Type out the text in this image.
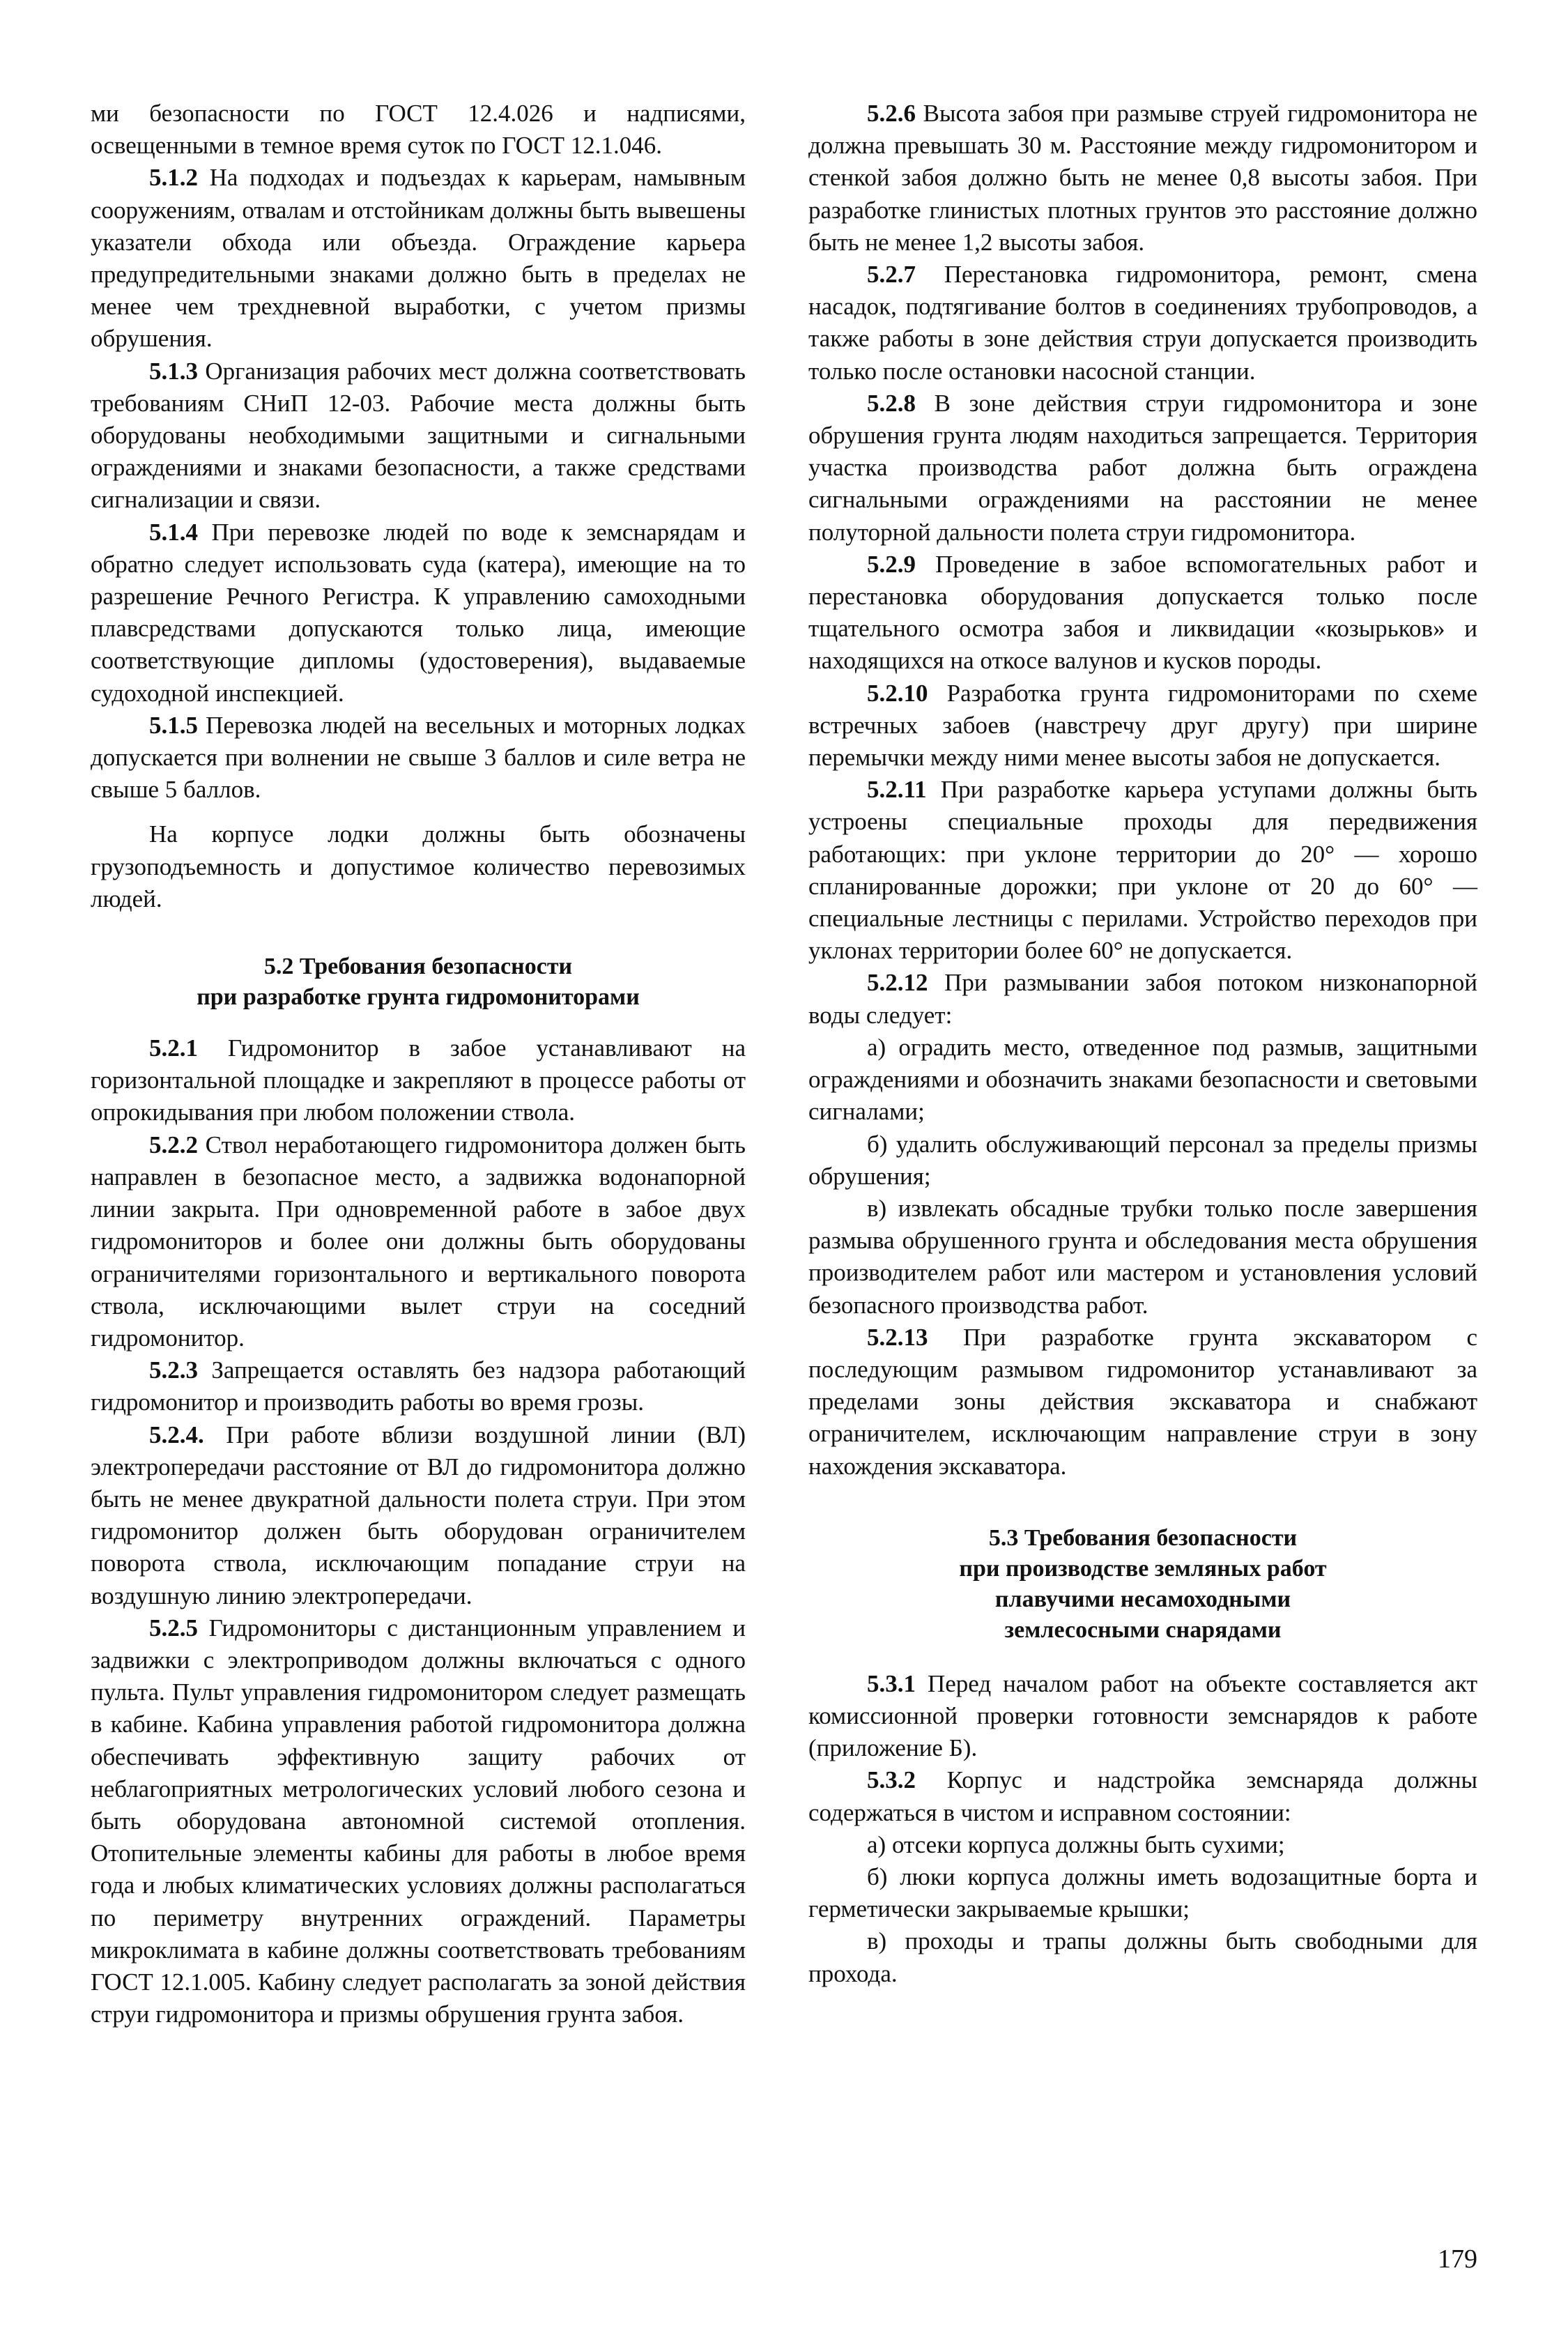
ми безопасности по ГОСТ 12.4.026 и надписями, освещенными в темное время суток по ГОСТ 12.1.046.

5.1.2 На подходах и подъездах к карьерам, намывным сооружениям, отвалам и отстойникам должны быть вывешены указатели обхода или объезда. Ограждение карьера предупредительными знаками должно быть в пределах не менее чем трехдневной выработки, с учетом призмы обрушения.

5.1.3 Организация рабочих мест должна соответствовать требованиям СНиП 12-03. Рабочие места должны быть оборудованы необходимыми защитными и сигнальными ограждениями и знаками безопасности, а также средствами сигнализации и связи.

5.1.4 При перевозке людей по воде к земснарядам и обратно следует использовать суда (катера), имеющие на то разрешение Речного Регистра. К управлению самоходными плавсредствами допускаются только лица, имеющие соответствующие дипломы (удостоверения), выдаваемые судоходной инспекцией.

5.1.5 Перевозка людей на весельных и моторных лодках допускается при волнении не свыше 3 баллов и силе ветра не свыше 5 баллов.

На корпусе лодки должны быть обозначены грузоподъемность и допустимое количество перевозимых людей.

5.2 Требования безопасности
при разработке грунта гидромониторами

5.2.1 Гидромонитор в забое устанавливают на горизонтальной площадке и закрепляют в процессе работы от опрокидывания при любом положении ствола.

5.2.2 Ствол неработающего гидромонитора должен быть направлен в безопасное место, а задвижка водонапорной линии закрыта. При одновременной работе в забое двух гидромониторов и более они должны быть оборудованы ограничителями горизонтального и вертикального поворота ствола, исключающими вылет струи на соседний гидромонитор.

5.2.3 Запрещается оставлять без надзора работающий гидромонитор и производить работы во время грозы.

5.2.4. При работе вблизи воздушной линии (ВЛ) электропередачи расстояние от ВЛ до гидромонитора должно быть не менее двукратной дальности полета струи. При этом гидромонитор должен быть оборудован ограничителем поворота ствола, исключающим попадание струи на воздушную линию электропередачи.

5.2.5 Гидромониторы с дистанционным управлением и задвижки с электроприводом должны включаться с одного пульта. Пульт управления гидромонитором следует размещать в кабине. Кабина управления работой гидромонитора должна обеспечивать эффективную защиту рабочих от неблагоприятных метрологических условий любого сезона и быть оборудована автономной системой отопления. Отопительные элементы кабины для работы в любое время года и любых климатических условиях должны располагаться по периметру внутренних ограждений. Параметры микроклимата в кабине должны соответствовать требованиям ГОСТ 12.1.005. Кабину следует располагать за зоной действия струи гидромонитора и призмы обрушения грунта забоя.

5.2.6 Высота забоя при размыве струей гидромонитора не должна превышать 30 м. Расстояние между гидромонитором и стенкой забоя должно быть не менее 0,8 высоты забоя. При разработке глинистых плотных грунтов это расстояние должно быть не менее 1,2 высоты забоя.

5.2.7 Перестановка гидромонитора, ремонт, смена насадок, подтягивание болтов в соединениях трубопроводов, а также работы в зоне действия струи допускается производить только после остановки насосной станции.

5.2.8 В зоне действия струи гидромонитора и зоне обрушения грунта людям находиться запрещается. Территория участка производства работ должна быть ограждена сигнальными ограждениями на расстоянии не менее полуторной дальности полета струи гидромонитора.

5.2.9 Проведение в забое вспомогательных работ и перестановка оборудования допускается только после тщательного осмотра забоя и ликвидации «козырьков» и находящихся на откосе валунов и кусков породы.

5.2.10 Разработка грунта гидромониторами по схеме встречных забоев (навстречу друг другу) при ширине перемычки между ними менее высоты забоя не допускается.

5.2.11 При разработке карьера уступами должны быть устроены специальные проходы для передвижения работающих: при уклоне территории до 20° — хорошо спланированные дорожки; при уклоне от 20 до 60° —специальные лестницы с перилами. Устройство переходов при уклонах территории более 60° не допускается.

5.2.12 При размывании забоя потоком низконапорной воды следует:

а) оградить место, отведенное под размыв, защитными ограждениями и обозначить знаками безопасности и световыми сигналами;

б) удалить обслуживающий персонал за пределы призмы обрушения;

в) извлекать обсадные трубки только после завершения размыва обрушенного грунта и обследования места обрушения производителем работ или мастером и установления условий безопасного производства работ.

5.2.13 При разработке грунта экскаватором с последующим размывом гидромонитор устанавливают за пределами зоны действия экскаватора и снабжают ограничителем, исключающим направление струи в зону нахождения экскаватора.

5.3 Требования безопасности
при производстве земляных работ
плавучими несамоходными
землесосными снарядами

5.3.1 Перед началом работ на объекте составляется акт комиссионной проверки готовности земснарядов к работе (приложение Б).

5.3.2 Корпус и надстройка земснаряда должны содержаться в чистом и исправном состоянии:

а) отсеки корпуса должны быть сухими;

б) люки корпуса должны иметь водозащитные борта и герметически закрываемые крышки;

в) проходы и трапы должны быть свободными для прохода.

179
